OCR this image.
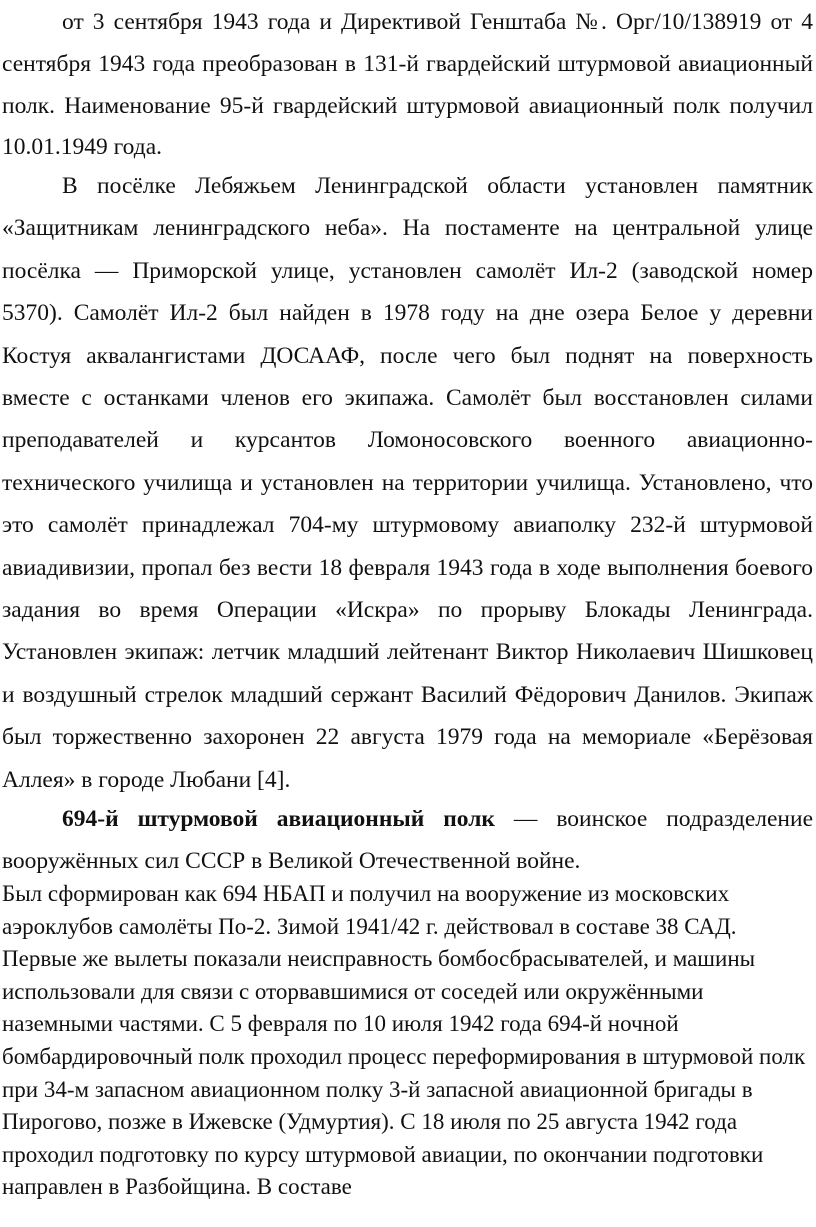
от 3 сентября 1943 года и Директивой Генштаба №. Орг/10/138919 от 4 сентября 1943 года преобразован в 131-й гвардейский штурмовой авиационный полк. Наименование 95-й гвардейский штурмовой авиационный полк получил 10.01.1949 года.

В посёлке Лебяжьем Ленинградской области установлен памятник «Защитникам ленинградского неба». На постаменте на центральной улице посёлка — Приморской улице, установлен самолёт Ил-2 (заводской номер 5370). Самолёт Ил-2 был найден в 1978 году на дне озера Белое у деревни Костуя аквалангистами ДОСААФ, после чего был поднят на поверхность вместе с останками членов его экипажа. Самолёт был восстановлен силами преподавателей и курсантов Ломоносовского военного авиационно-технического училища и установлен на территории училища. Установлено, что это самолёт принадлежал 704-му штурмовому авиаполку 232-й штурмовой авиадивизии, пропал без вести 18 февраля 1943 года в ходе выполнения боевого задания во время Операции «Искра» по прорыву Блокады Ленинграда. Установлен экипаж: летчик младший лейтенант Виктор Николаевич Шишковец и воздушный стрелок младший сержант Василий Фёдорович Данилов. Экипаж был торжественно захоронен 22 августа 1979 года на мемориале «Берёзовая Аллея» в городе Любани [4].

694-й штурмовой авиационный полк — воинское подразделение вооружённых сил СССР в Великой Отечественной войне.

Был сформирован как 694 НБАП и получил на вооружение из московских аэроклубов самолёты По-2. Зимой 1941/42 г. действовал в составе 38 САД. Первые же вылеты показали неисправность бомбосбрасывателей, и машины использовали для связи с оторвавшимися от соседей или окружёнными наземными частями. С 5 февраля по 10 июля 1942 года 694-й ночной бомбардировочный полк проходил процесс переформирования в штурмовой полк при 34-м запасном авиационном полку 3-й запасной авиационной бригады в Пирогово, позже в Ижевске (Удмуртия). С 18 июля по 25 августа 1942 года проходил подготовку по курсу штурмовой авиации, по окончании подготовки направлен в Разбойщина. В составе
